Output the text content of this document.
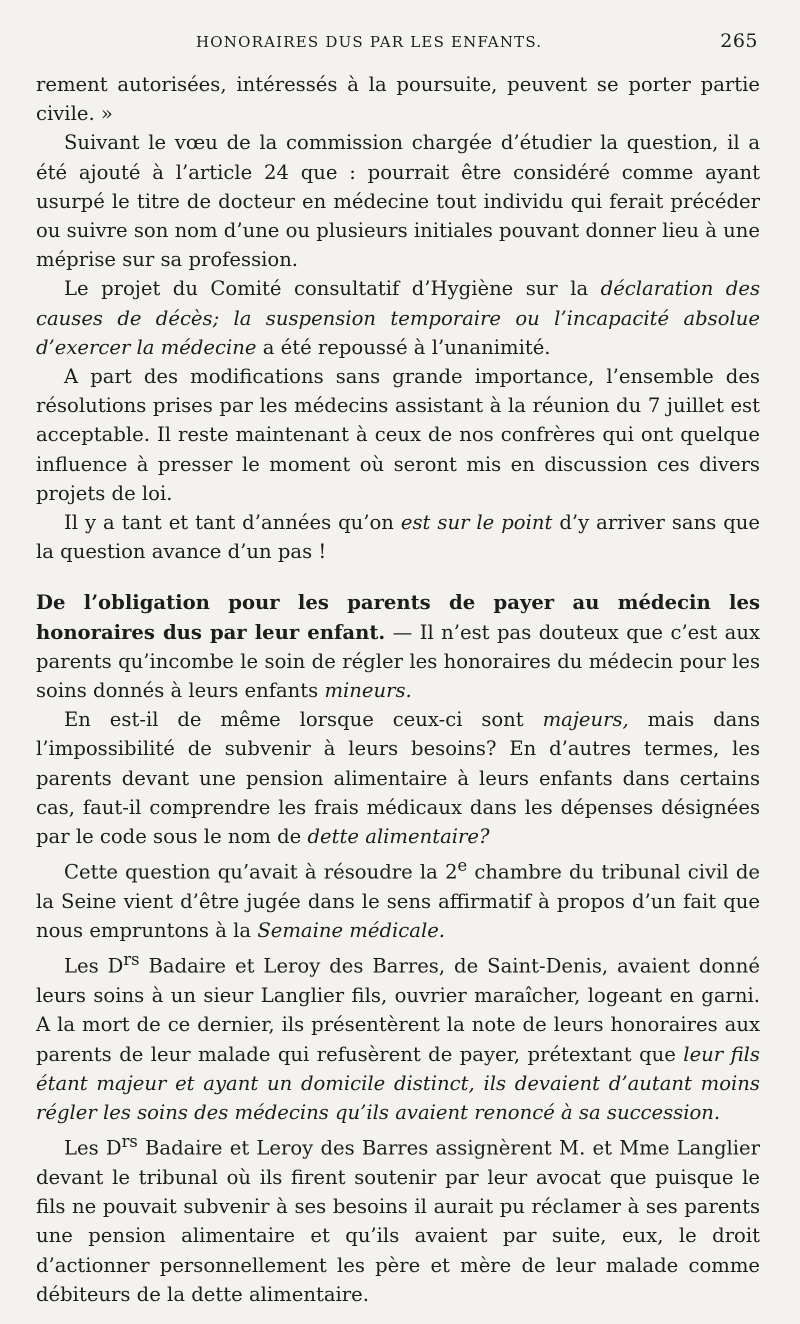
HONORAIRES DUS PAR LES ENFANTS.	265

rement autorisées, intéressés à la poursuite, peuvent se porter partie civile. »

Suivant le vœu de la commission chargée d’étudier la question, il a été ajouté à l’article 24 que : pourrait être considéré comme ayant usurpé le titre de docteur en médecine tout individu qui ferait précéder ou suivre son nom d’une ou plusieurs initiales pouvant donner lieu à une méprise sur sa profession.

Le projet du Comité consultatif d’Hygiène sur la déclaration des causes de décès; la suspension temporaire ou l’incapacité absolue d’exercer la médecine a été repoussé à l’unanimité.

A part des modifications sans grande importance, l’ensemble des résolutions prises par les médecins assistant à la réunion du 7 juillet est acceptable. Il reste maintenant à ceux de nos confrères qui ont quelque influence à presser le moment où seront mis en discussion ces divers projets de loi.

Il y a tant et tant d’années qu’on est sur le point d’y arriver sans que la question avance d’un pas !

De l’obligation pour les parents de payer au médecin les honoraires dus par leur enfant. — Il n’est pas douteux que c’est aux parents qu’incombe le soin de régler les honoraires du médecin pour les soins donnés à leurs enfants mineurs.

En est-il de même lorsque ceux-ci sont majeurs, mais dans l’impossibilité de subvenir à leurs besoins? En d’autres termes, les parents devant une pension alimentaire à leurs enfants dans certains cas, faut-il comprendre les frais médicaux dans les dépenses désignées par le code sous le nom de dette alimentaire?

Cette question qu’avait à résoudre la 2e chambre du tribunal civil de la Seine vient d’être jugée dans le sens affirmatif à propos d’un fait que nous empruntons à la Semaine médicale.

Les $D^{rs}$ Badaire et Leroy des Barres, de Saint-Denis, avaient donné leurs soins à un sieur Langlier fils, ouvrier maraîcher, logeant en garni. A la mort de ce dernier, ils présentèrent la note de leurs honoraires aux parents de leur malade qui refusèrent de payer, prétextant que leur fils étant majeur et ayant un domicile distinct, ils devaient d’autant moins régler les soins des médecins qu’ils avaient renoncé à sa succession.

Les $D^{rs}$ Badaire et Leroy des Barres assignèrent M. et Mme Langlier devant le tribunal où ils firent soutenir par leur avocat que puisque le fils ne pouvait subvenir à ses besoins il aurait pu réclamer à ses parents une pension alimentaire et qu’ils avaient par suite, eux, le droit d’actionner personnellement les père et mère de leur malade comme débiteurs de la dette alimentaire.
